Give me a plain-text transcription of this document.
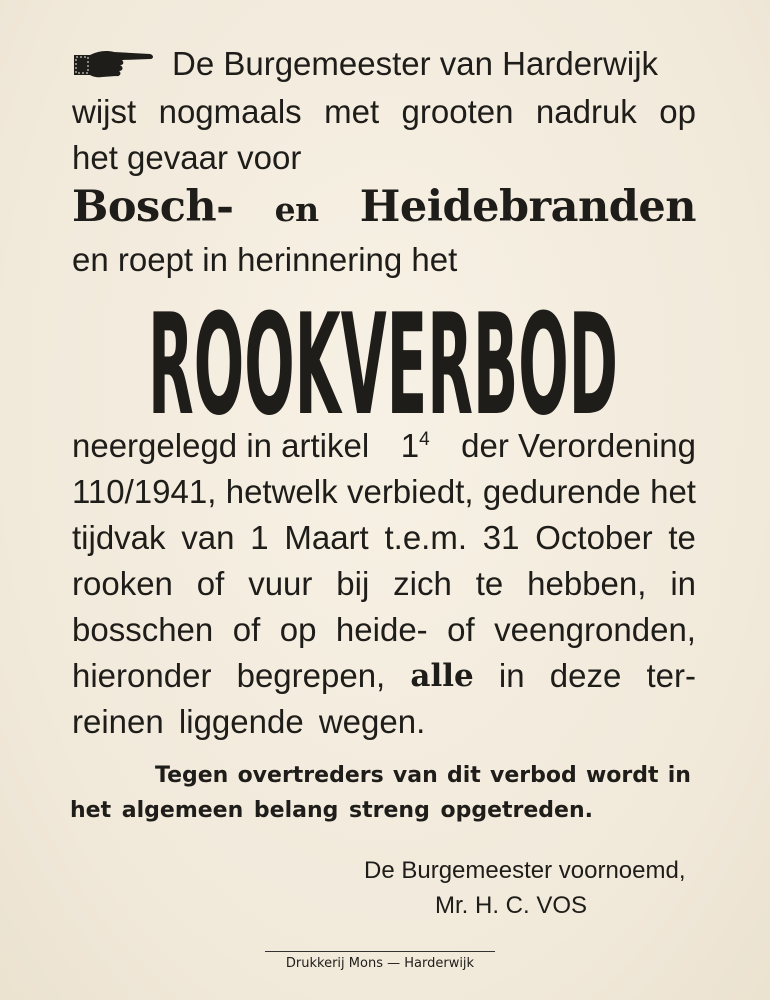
De Burgemeester van Harderwijk
wijst nogmaals met grooten nadruk op
het gevaar voor
Bosch- en Heidebranden
en roept in herinnering het
ROOKVERBOD
neergelegd in artikel $1^4$ der Verordening
110/1941, hetwelk verbiedt, gedurende het
tijdvak van 1 Maart t.e.m. 31 October te
rooken of vuur bij zich te hebben, in
bosschen of op heide- of veengronden,
hieronder begrepen, alle in deze ter-
reinen liggende wegen.
Tegen overtreders van dit verbod wordt in
het algemeen belang streng opgetreden.
De Burgemeester voornoemd,
Mr. H. C. VOS
Drukkerij Mons — Harderwijk
